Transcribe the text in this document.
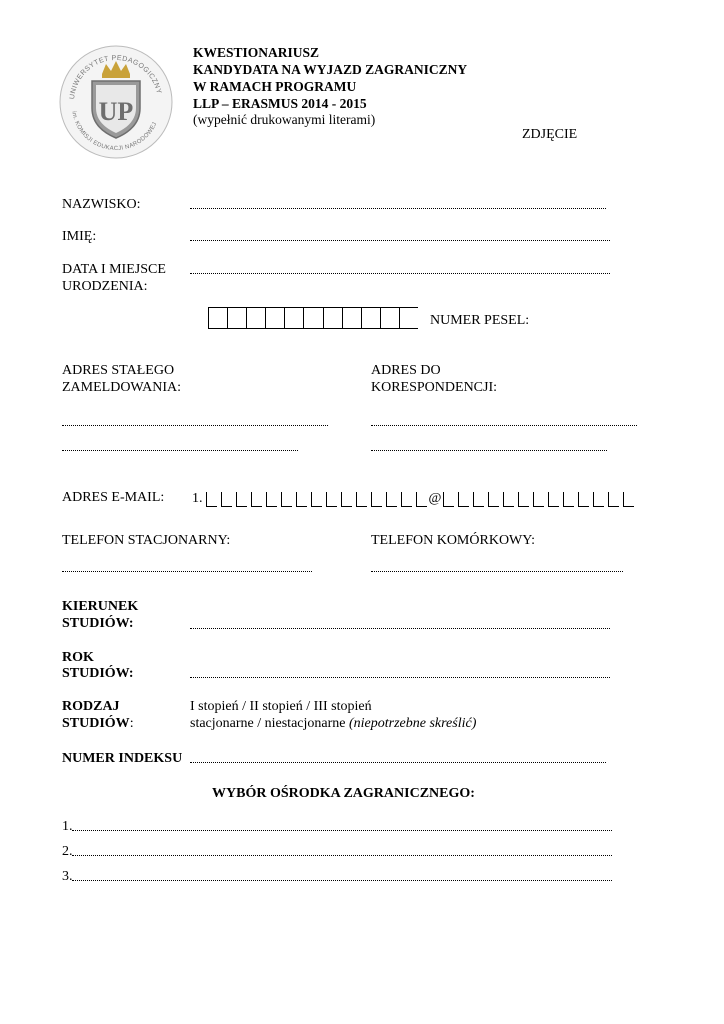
UNIWERSYTET PEDAGOGICZNY
im. KOMISJI EDUKACJI NARODOWEJ
UP
KWESTIONARIUSZ
KANDYDATA NA WYJAZD ZAGRANICZNY
W RAMACH PROGRAMU
LLP – ERASMUS 2014 - 2015
(wypełnić drukowanymi literami)
ZDJĘCIE
NAZWISKO:
IMIĘ:
DATA I MIEJSCE
URODZENIA:
NUMER PESEL:
ADRES STAŁEGO
ZAMELDOWANIA:
ADRES DO
KORESPONDENCJI:
ADRES E-MAIL: 1.	@
TELEFON STACJONARNY:	TELEFON KOMÓRKOWY:
KIERUNEK
STUDIÓW:
ROK
STUDIÓW:
RODZAJ
STUDIÓW:
I stopień / II stopień / III stopień
stacjonarne / niestacjonarne (niepotrzebne skreślić)
NUMER INDEKSU
WYBÓR OŚRODKA ZAGRANICZNEGO:
1.
2.
3.
